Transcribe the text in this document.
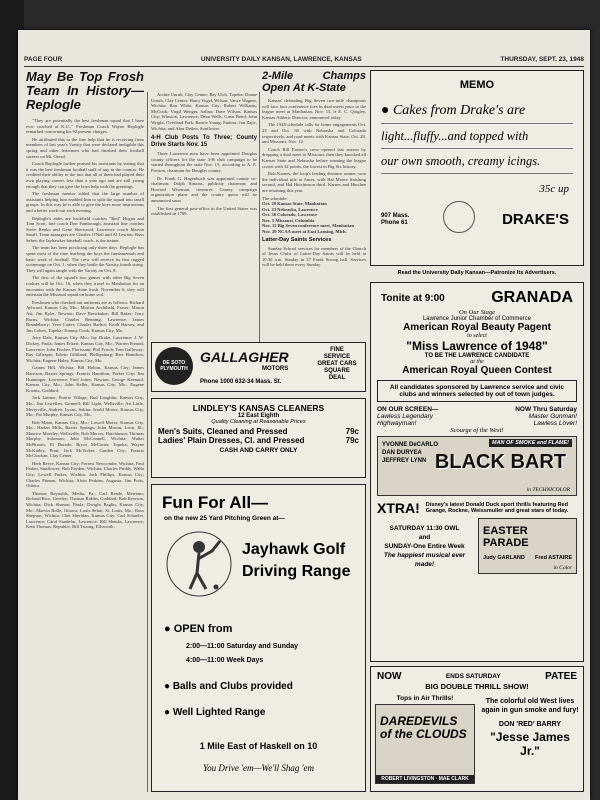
PAGE FOUR	UNIVERSITY DAILY KANSAN, LAWRENCE, KANSAS	THURSDAY, SEPT. 23, 1948
May Be Top Frosh Team In History—Replogle

"They are potentially the best freshman squad that I have ever coached at K.U.," Freshman Coach Wayne Replogle remarked concerning his 92 present charges.

He attributed this to the fine help that he is receiving from members of last year's Varsity that were declared ineligible this spring and other lettermen who had finished their football careers on Mt. Oread.

Coach Replogle further praised his assistants by stating that it was the best freshman football staff of any in the country. He credited their ability to the fact that all of them had played their own playing careers less than a year ago and are still young enough that they can give the boys help with the greetings.

The freshman mentor added that the large number of assistants helping him enabled him to split the squad into small groups. In this way he is able to give the boys more instructions and a better work-out each evening.

Replogle's aides are backfield coaches "Red" Hogan and Tom Scott, line coach Don Fambrough, assistant line coaches Steve Renko and Gene Sherwood, Lawrence coach Marvin Small. Team managers are Charles O'Neil and Al Lewton. Russ Sebes, the Jayhawker baseball coach, is the trainer.

The team has been practicing only three days. Replogle has spent most of the time teaching the boys the fundamentals and basic work of football. The crew will receive its first rugged scrimmage on Oct. 1, when they battle the Varsity fourth string. They will again tangle with the Varsity on Oct. 8.

The first of the squad's two games with other Big Seven rookies will be Oct. 16, when they travel to Manhattan for an encounter with the Kansas State frosh. November 6, they will entertain the Missouri squad on home soil.

Freshmen who checked out uniforms are as follows: Richard Aylward, Kansas City, Mo.; Morton Archibald, Fraser; Mason Ast; Jim Byler, Newton; Dave Brewbaker; Bill Baker; Jerry Burns, Wichita; Charles Benning, Lawrence; James Brandeberry; Vern Carter; Charles Barbot; Keith Harvey, and Jim Cohen, Topeka; Tommy Cook, Kansas City, Mo.

Jerry Dale, Kansas City, Mo.; Jay Drake, Lawrence; J. W. Dickey, Paola; James Eckert, Kansas City, Mo.; Warren Freund, Lawrence; John Fischer, Florissant; Phil Frisch; Tom Galloway; Ray Gillespie; Edwin Gilliland; Phillipsburg; Bert Hamilton, Wichita; Eugene Haley, Kansas City, Mo.

Gaines Hill, Wichita; Bill Holton, Kansas City; James Harrison, Baxter Springs; Francis Hamilton, Parker City; Jim Hunninger, Lawrence; Fred Jones, Newton; George Keenard, Kansas City, Mo.; John Keller, Kansas City, Mo.; Eugene Koontz, Goddard.

Jack Lattner, Prairie Village; Bud Laughlin, Kansas City, Mo.; Jim Lewellen, Grinnell; Bill Light, Wellsville; Art Little, Merryville; Andrew Lyons, Salina; Jerald Moore, Kansas City, Mo.; Pat Murphy, Kansas City, Mo.

Bob Mann, Kansas City, Mo.; Lowell Morse, Kansas City, Mo.; Harlan Mills, Baxter Springs; John Mason, Leon, Ill.; Maurice Moreley, Wellsville; Bob Mercer, Hutchinson; Thomas Murphy, Solomon; John McConnell, Wichita; Walter McBroom, El Dorado; Bryce McCarter, Topeka; Wayne McKinley, Pratt; Jack McVicker, Garden City; Francis McCluckan, Clay Center.

Herb Reece, Kansas City; Forrest Newcombe, Wichita; Paul Parker, Sunflower; Bob Payden, Wichita; Charles Priddy, Walla City; Lowell Parker, Wichita; Jack Phillips, Kansas City; Charles Pitman, Wichita; Alvin Perkins, Augusta; Jim Potts, Ottawa.

Thomas Reynolds, Media, Pa.; Carl Reade, Merriam; Richard Rice, Greeley; Thomas Ridder, Goddard; Bob Ryerson, Wichita; Dick Shanon, Paola; Dwight Raglin, Kansas City, Mo.; Marvin Rolle, Ottawa; Louis Selari, St. Louis, Mo.; Russ Shepson, Wichita; Chet Sheridan, Kansas City; Carl Schaefer, Lawrence; Carol Sandefur, Lawrence; Bill Shanks, Lawrence; Kent Thomas, Republic; Bill Truong, Ellsworth.

Archie Unruh, Clay Center; Ray Ulch, Topeka; Duane Unruh, Clay Center; Harry Vogel, Wilson; Vance Wagner, Wichita; Ron White, Kansas City; Robert Williams; McCook; Virgil Wenger, Salina; Dave Wilson, Kansas City; Winston, Lawrence; Dean Wells, Great Bend; John Wright, Overland Park; Bernie Young, Eudora; Jon Zajic, Wichita; and Alan Deilen, Sunflower.

4-H Club Posts To Three; County Drive Starts Nov. 15

Three Lawrence men have been appointed Douglas county officers for the state 4-H club campaign to be started throughout the state Nov. 15, according to A. E. Preston, chairman for Douglas county.

Dr. Frank G. Hagenbuch was appointed county co-chairman; Dolph Simons, publicity chairman; and Howard Wiseman, treasurer. County campaign organization plans and the county quota will be announced soon.

The first general post-office in the United States was established in 1789.

2-Mile Champs Open At K-State

Kansas' defending Big Seven two-mile champions will face four conference foes in dual meets prior to the league meet at Manhattan, Nov. 13, if E. C. Quigley, Kansas Athletic Director, announced today.

The 1948 schedule calls for home engagements Oct. 23 and Oct. 30 with Nebraska and Colorado respectively, and road meets with Kansas State, Oct. 29, and Missouri, Nov. 12.

Coach Bill Easton's crew opened last season by dropping a dual meet to Missouri, then they knocked all Kansas State and Nebraska before winning the league crown with 32 points, the lowest in Big Six history.

Bob Karnes, the loop's leading distance runner, won the individual title at Ames, with Hal Moore finishing second, and Hal Hutchinson third. Karnes and Hinchee are returning this year.

The schedule:

Oct. 29 Kansas State, Manhattan
Oct. 23 Nebraska, Lawrence
Oct. 30 Colorado, Lawrence
Nov. 5 Missouri, Columbia
Nov. 12 Big Seven conference meet, Manhattan
Nov. 20 NCAA meet at East Lansing, Mich.
Latter-Day Saints Services

Sunday School services for members of the Church of Jesus Christ of Latter-Day Saints will be held at 10:30 a.m. Sunday in 37 Frank Strong hall. Services will be held there every Sunday.

DE SOTO PLYMOUTH
GALLAGHER
MOTORS
Phone 1000 632-34 Mass. St.
FINE
SERVICE
GREAT CARS
SQUARE
DEAL
LINDLEY'S KANSAS CLEANERS
12 East Eighth
Quality Cleaning at Reasonable Prices
Men's Suits, Cleaned and Pressed	79c
Ladies' Plain Dresses, Cl. and Pressed	79c
CASH AND CARRY ONLY
Fun For All—
on the new 25 Yard Pitching Green at—
Jayhawk Golf
Driving Range
● OPEN from
2:00—11:00 Saturday and Sunday
4:00—11:00 Week Days
● Balls and Clubs provided
● Well Lighted Range
1 Mile East of Haskell on 10
You Drive 'em—We'll Shag 'em
MEMO
● Cakes from Drake's are
light...fluffy...and topped with
our own smooth, creamy icings.
35c up
907 Mass.
Phone 61	DRAKE'S
Read the University Daily Kansan—Patronize Its Advertisers.
Tonite at 9:00	GRANADA
On Our Stage
Lawrence Junior Chamber of Commerce
American Royal Beauty Pagent
to select
"Miss Lawrence of 1948"
TO BE THE LAWRENCE CANDIDATE
at the
American Royal Queen Contest
All candidates sponsored by Lawrence service and civic clubs and winners selected by out of town judges.
ON OUR SCREEN—	NOW Thru Saturday
Lawless Legendary
Highwayman!
Master Gunman!
Lawless Lover!
Scourge of the West!
YVONNE DeCARLO
DAN DURYEA
JEFFREY LYNN
MAN OF SMOKE and FLAME!
BLACK BART
in TECHNICOLOR
XTRA! Disney's latest Donald Duck sport thrills featuring Red Grange, Rockne, Weissmuller and great stars of today.
SATURDAY 11:30 OWL
and
SUNDAY-One Entire Week
The happiest musical ever made!
EASTER PARADE
Judy GARLAND Fred ASTAIRE
in Color
NOW	ENDS SATURDAY	PATEE
BIG DOUBLE THRILL SHOW!
Tops in Air Thrills!
DAREDEVILS of the CLOUDS
ROBERT LIVINGSTON · MAE CLARK
The colorful old West lives again in gun smoke and fury!
DON 'RED' BARRY
"Jesse James Jr."
